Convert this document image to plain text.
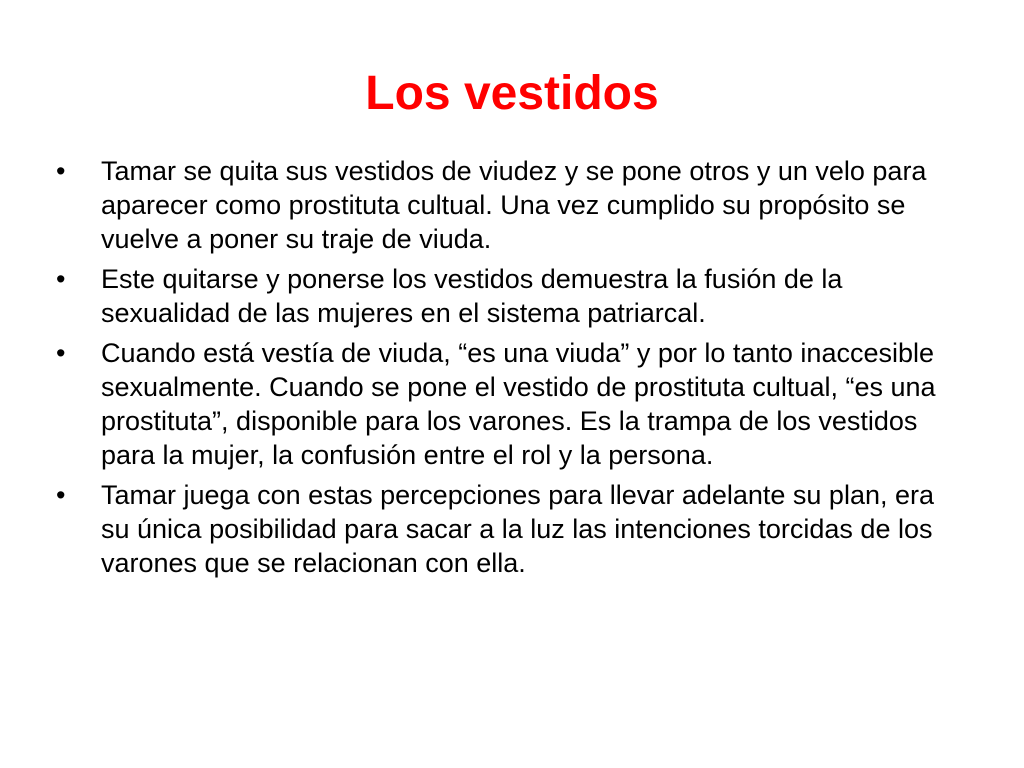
Los vestidos
•	Tamar se quita sus vestidos de viudez y se pone otros y un velo para aparecer como prostituta cultual. Una vez cumplido su propósito se vuelve a poner su traje de viuda.
•	Este quitarse y ponerse los vestidos demuestra la fusión de la sexualidad de las mujeres en el sistema patriarcal.
•	Cuando está vestía de viuda, “es una viuda” y por lo tanto inaccesible sexualmente. Cuando se pone el vestido de prostituta cultual, “es una prostituta”, disponible para los varones. Es la trampa de los vestidos para la mujer, la confusión entre el rol y la persona.
•	Tamar juega con estas percepciones para llevar adelante su plan, era su única posibilidad para sacar a la luz las intenciones torcidas de los varones que se relacionan con ella.
